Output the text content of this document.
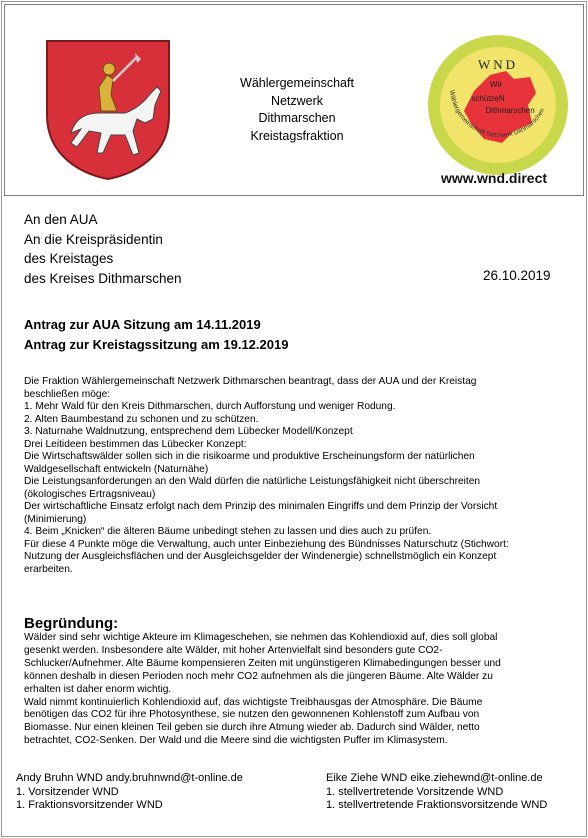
Wählergemeinschaft
Netzwerk
Dithmarschen
Kreistagsfraktion
WND
Wir
schützeN
Dithmarschen
Wählergemeinschaft Netzwerk Dithmarschen
www.wnd.direct
An den AUA
An die Kreispräsidentin
des Kreistages
des Kreises Dithmarschen	26.10.2019
Antrag zur AUA Sitzung am 14.11.2019
Antrag zur Kreistagssitzung am 19.12.2019
Die Fraktion Wählergemeinschaft Netzwerk Dithmarschen beantragt, dass der AUA und der Kreistag
beschließen möge:
1. Mehr Wald für den Kreis Dithmarschen, durch Aufforstung und weniger Rodung.
2. Alten Baumbestand zu schonen und zu schützen.
3. Naturnahe Waldnutzung, entsprechend dem Lübecker Modell/Konzept
Drei Leitideen bestimmen das Lübecker Konzept:
Die Wirtschaftswälder sollen sich in die risikoarme und produktive Erscheinungsform der natürlichen
Waldgesellschaft entwickeln (Naturnähe)
Die Leistungsanforderungen an den Wald dürfen die natürliche Leistungsfähigkeit nicht überschreiten
(ökologisches Ertragsniveau)
Der wirtschaftliche Einsatz erfolgt nach dem Prinzip des minimalen Eingriffs und dem Prinzip der Vorsicht
(Minimierung)
4. Beim „Knicken“ die älteren Bäume unbedingt stehen zu lassen und dies auch zu prüfen.
Für diese 4 Punkte möge die Verwaltung, auch unter Einbeziehung des Bündnisses Naturschutz (Stichwort:
Nutzung der Ausgleichsflächen und der Ausgleichsgelder der Windenergie) schnellstmöglich ein Konzept
erarbeiten.
Begründung:
Wälder sind sehr wichtige Akteure im Klimageschehen, sie nehmen das Kohlendioxid auf, dies soll global
gesenkt werden. Insbesondere alte Wälder, mit hoher Artenvielfalt sind besonders gute CO2-
Schlucker/Aufnehmer. Alte Bäume kompensieren Zeiten mit ungünstigeren Klimabedingungen besser und
können deshalb in diesen Perioden noch mehr CO2 aufnehmen als die jüngeren Bäume. Alte Wälder zu
erhalten ist daher enorm wichtig.
Wald nimmt kontinuierlich Kohlendioxid auf, das wichtigste Treibhausgas der Atmosphäre. Die Bäume
benötigen das CO2 für ihre Photosynthese, sie nutzen den gewonnenen Kohlenstoff zum Aufbau von
Biomasse. Nur einen kleinen Teil geben sie durch ihre Atmung wieder ab. Dadurch sind Wälder, netto
betrachtet, CO2-Senken. Der Wald und die Meere sind die wichtigsten Puffer im Klimasystem.
Andy Bruhn WND andy.bruhnwnd@t-online.de
1. Vorsitzender WND
1. Fraktionsvorsitzender WND
Eike Ziehe WND eike.ziehewnd@t-online.de
1. stellvertretende Vorsitzende WND
1. stellvertretende Fraktionsvorsitzende WND
